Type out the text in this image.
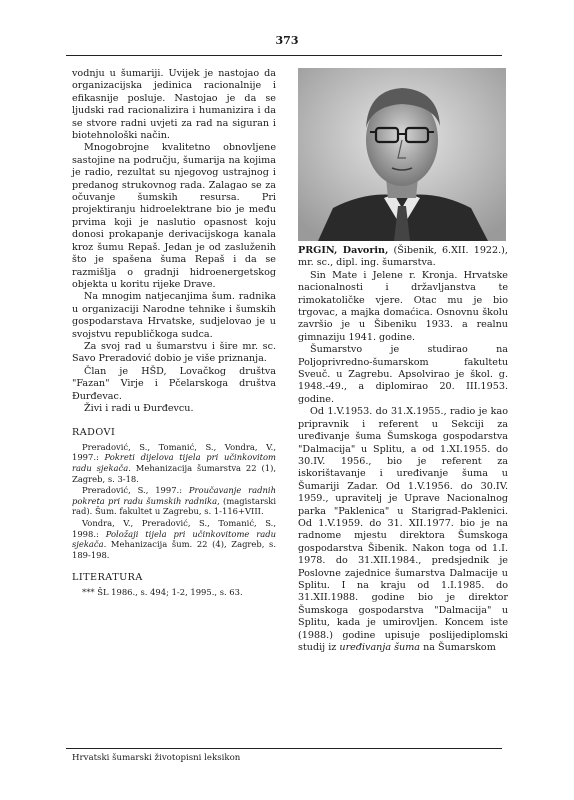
373

vodnju u šumariji. Uvijek je nastojao da organizacijska jedinica racionalnije i efikasnije posluje. Nastojao je da se ljudski rad racionalizira i humanizira i da se stvore radni uvjeti za rad na siguran i biotehnološki način.

Mnogobrojne kvalitetno obnovljene sastojine na području, šumarija na kojima je radio, rezultat su njegovog ustrajnog i predanog strukovnog rada. Zalagao se za očuvanje šumskih resursa. Pri projektiranju hidroelektrane bio je među prvima koji je naslutio opasnost koju donosi prokapanje derivacijskoga kanala kroz šumu Repaš. Jedan je od zasluženih što je spašena šuma Repaš i da se razmišlja o gradnji hidroenergetskog objekta u koritu rijeke Drave.

Na mnogim natjecanjima šum. radnika u organizaciji Narodne tehnike i šumskih gospodarstava Hrvatske, sudjelovao je u svojstvu republičkoga sudca.

Za svoj rad u šumarstvu i šire mr. sc. Savo Preradović dobio je više priznanja.

Član je HŠD, Lovačkog društva "Fazan" Virje i Pčelarskoga društva Đurđevac.

Živi i radi u Đurđevcu.

RADOVI

Preradović, S., Tomanić, S., Vondra, V., 1997.: Pokreti dijelova tijela pri učinkovitom radu sjekača. Mehanizacija šumarstva 22 (1), Zagreb, s. 3-18.

Preradović, S., 1997.: Proučavanje radnih pokreta pri radu šumskih radnika, (magistarski rad). Šum. fakultet u Zagrebu, s. 1-116+VIII.

Vondra, V., Preradović, S., Tomanić, S., 1998.: Položaji tijela pri učinkovitome radu sjekača. Mehanizacija šum. 22 (4), Zagreb, s. 189-198.

LITERATURA

*** ŠL 1986., s. 494; 1-2, 1995., s. 63.

PRGIN, Davorin, (Šibenik, 6.XII. 1922.), mr. sc., dipl. ing. šumarstva.

Sin Mate i Jelene r. Kronja. Hrvatske nacionalnosti i državljanstva te rimokatoličke vjere. Otac mu je bio trgovac, a majka domaćica. Osnovnu školu završio je u Šibeniku 1933. a realnu gimnaziju 1941. godine.

Šumarstvo je studirao na Poljoprivredno-šumarskom fakultetu Sveuč. u Zagrebu. Apsolvirao je škol. g. 1948.-49., a diplomirao 20. III.1953. godine.

Od 1.V.1953. do 31.X.1955., radio je kao pripravnik i referent u Sekciji za uređivanje šuma Šumskoga gospodarstva "Dalmacija" u Splitu, a od 1.XI.1955. do 30.IV. 1956., bio je referent za iskorištavanje i uređivanje šuma u Šumariji Zadar. Od 1.V.1956. do 30.IV. 1959., upravitelj je Uprave Nacionalnog parka "Paklenica" u Starigrad-Paklenici. Od 1.V.1959. do 31. XII.1977. bio je na radnome mjestu direktora Šumskoga gospodarstva Šibenik. Nakon toga od 1.I. 1978. do 31.XII.1984., predsjednik je Poslovne zajednice šumarstva Dalmacije u Splitu. I na kraju od 1.I.1985. do 31.XII.1988. godine bio je direktor Šumskoga gospodarstva "Dalmacija" u Splitu, kada je umirovljen. Koncem iste (1988.) godine upisuje poslijediplomski studij iz uređivanja šuma na Šumarskom

Hrvatski šumarski životopisni leksikon
